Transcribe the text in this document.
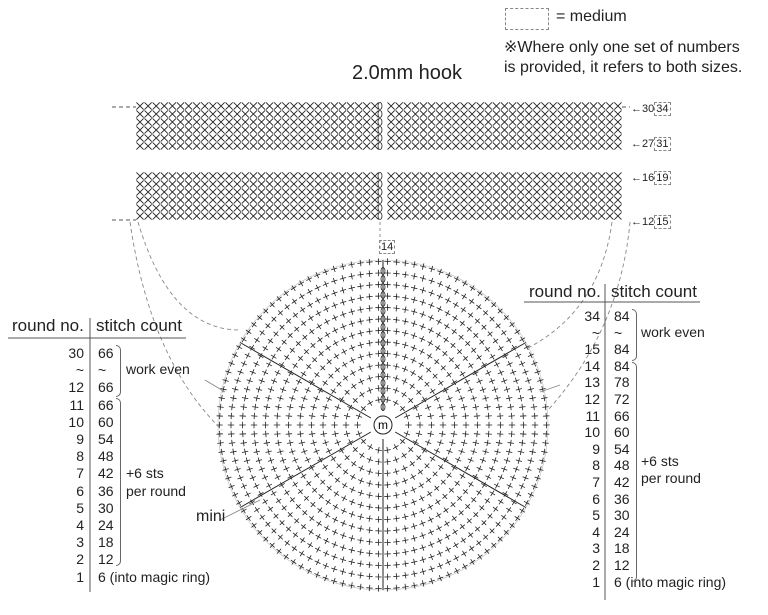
m
= medium
※Where only one set of numbers
is provided, it refers to both sizes.
2.0mm hook
←30 34
←27 31
←16 19
←12 15
14
mini
round no. stitch count
30 66
~ ~
12 66
11 66
10 60
9 54
8 48
7 42
6 36
5 30
4 24
3 18
2 12
1 6 (into magic ring)
work even
+6 sts
per round
round no. stitch count
34 84
~ ~
15 84
14 84
13 78
12 72
11 66
10 60
9 54
8 48
7 42
6 36
5 30
4 24
3 18
2 12
1 6 (into magic ring)
work even
+6 sts
per round
